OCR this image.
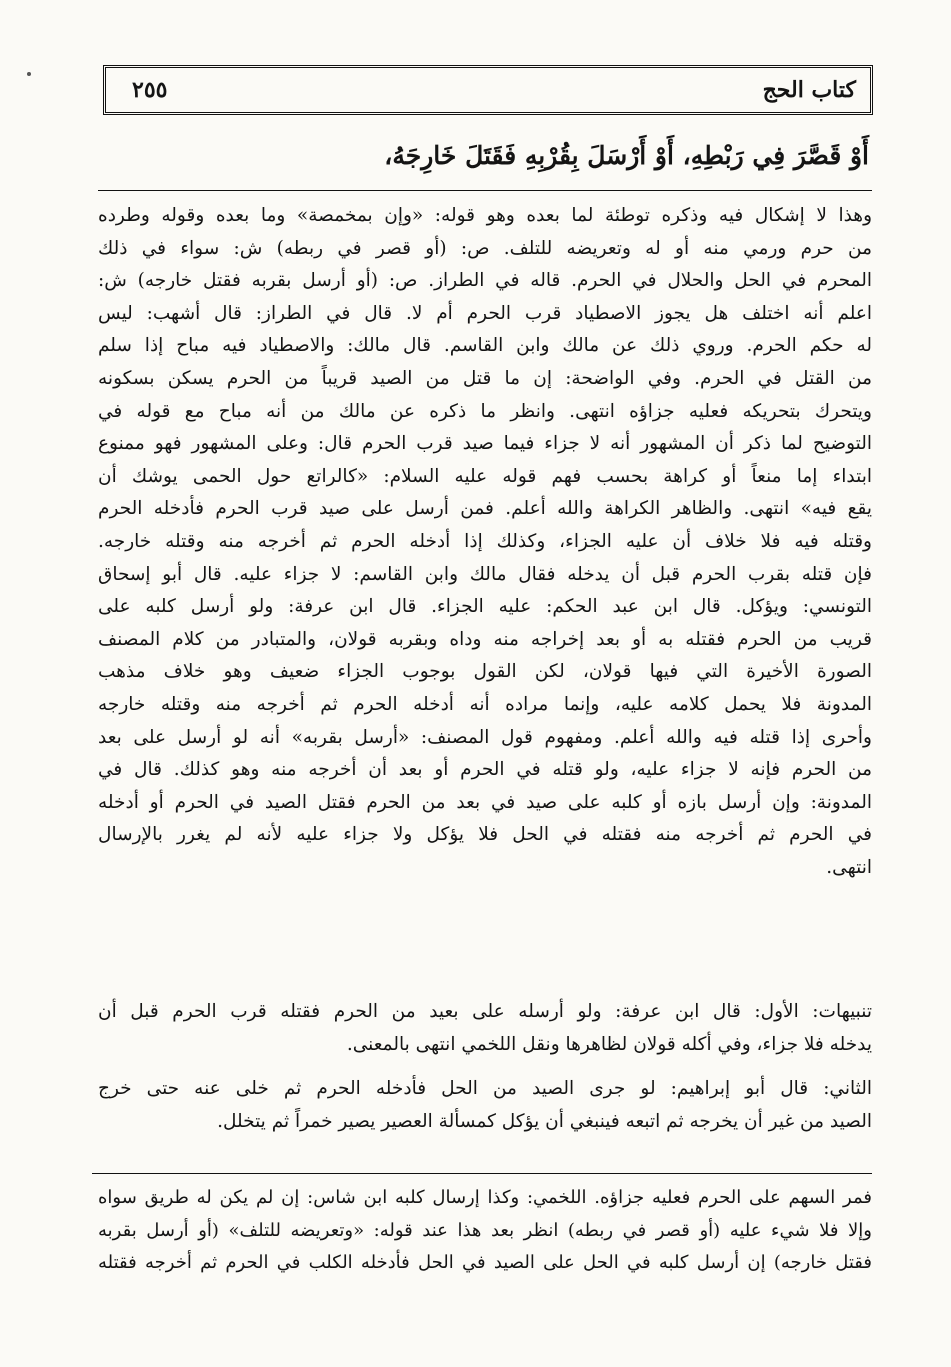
٢٥٥	كتاب الحج
أَوْ قَصَّرَ فِي رَبْطِهِ، أَوْ أَرْسَلَ بِقُرْبِهِ فَقَتَلَ خَارِجَهُ،
وهذا لا إشكال فيه وذكره توطئة لما بعده وهو قوله: «وإن بمخمصة» وما بعده وقوله وطرده
من حرم ورمي منه أو له وتعريضه للتلف. ص: (أو قصر في ربطه) ش: سواء في ذلك
المحرم في الحل والحلال في الحرم. قاله في الطراز. ص: (أو أرسل بقربه فقتل خارجه) ش:
اعلم أنه اختلف هل يجوز الاصطياد قرب الحرم أم لا. قال في الطراز: قال أشهب: ليس
له حكم الحرم. وروي ذلك عن مالك وابن القاسم. قال مالك: والاصطياد فيه مباح إذا سلم
من القتل في الحرم. وفي الواضحة: إن ما قتل من الصيد قريباً من الحرم يسكن بسكونه
ويتحرك بتحريكه فعليه جزاؤه انتهى. وانظر ما ذكره عن مالك من أنه مباح مع قوله في
التوضيح لما ذكر أن المشهور أنه لا جزاء فيما صيد قرب الحرم قال: وعلى المشهور فهو ممنوع
ابتداء إما منعاً أو كراهة بحسب فهم قوله عليه السلام: «كالراتع حول الحمى يوشك أن
يقع فيه» انتهى. والظاهر الكراهة والله أعلم. فمن أرسل على صيد قرب الحرم فأدخله الحرم
وقتله فيه فلا خلاف أن عليه الجزاء، وكذلك إذا أدخله الحرم ثم أخرجه منه وقتله خارجه.
فإن قتله بقرب الحرم قبل أن يدخله فقال مالك وابن القاسم: لا جزاء عليه. قال أبو إسحاق
التونسي: ويؤكل. قال ابن عبد الحكم: عليه الجزاء. قال ابن عرفة: ولو أرسل كلبه على
قريب من الحرم فقتله به أو بعد إخراجه منه وداه وبقربه قولان، والمتبادر من كلام المصنف
الصورة الأخيرة التي فيها قولان، لكن القول بوجوب الجزاء ضعيف وهو خلاف مذهب
المدونة فلا يحمل كلامه عليه، وإنما مراده أنه أدخله الحرم ثم أخرجه منه وقتله خارجه
وأحرى إذا قتله فيه والله أعلم. ومفهوم قول المصنف: «أرسل بقربه» أنه لو أرسل على بعد
من الحرم فإنه لا جزاء عليه، ولو قتله في الحرم أو بعد أن أخرجه منه وهو كذلك. قال في
المدونة: وإن أرسل بازه أو كلبه على صيد في بعد من الحرم فقتل الصيد في الحرم أو أدخله
في الحرم ثم أخرجه منه فقتله في الحل فلا يؤكل ولا جزاء عليه لأنه لم يغرر بالإرسال
انتهى.
تنبيهات: الأول: قال ابن عرفة: ولو أرسله على بعيد من الحرم فقتله قرب الحرم قبل أن
يدخله فلا جزاء، وفي أكله قولان لظاهرها ونقل اللخمي انتهى بالمعنى.
الثاني: قال أبو إبراهيم: لو جرى الصيد من الحل فأدخله الحرم ثم خلى عنه حتى خرج
الصيد من غير أن يخرجه ثم اتبعه فينبغي أن يؤكل كمسألة العصير يصير خمراً ثم يتخلل.
فمر السهم على الحرم فعليه جزاؤه. اللخمي: وكذا إرسال كلبه ابن شاس: إن لم يكن له طريق سواه
وإلا فلا شيء عليه (أو قصر في ربطه) انظر بعد هذا عند قوله: «وتعريضه للتلف» (أو أرسل بقربه
فقتل خارجه) إن أرسل كلبه في الحل على الصيد في الحل فأدخله الكلب في الحرم ثم أخرجه فقتله
